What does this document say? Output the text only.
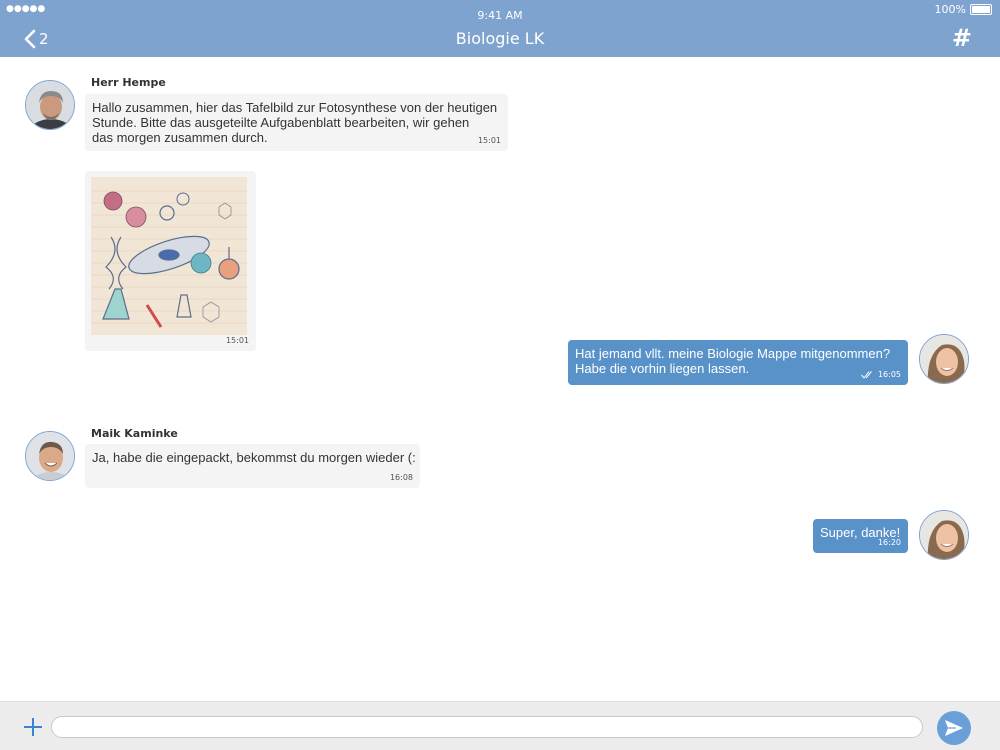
●●●●●	9:41 AM	100%
2	Biologie LK	#
Herr Hempe
Hallo zusammen, hier das Tafelbild zur Fotosynthese von der heutigen
Stunde. Bitte das ausgeteilte Aufgabenblatt bearbeiten, wir gehen
das morgen zusammen durch.	15:01
15:01
Hat jemand vllt. meine Biologie Mappe mitgenommen?
Habe die vorhin liegen lassen.	16:05
Maik Kaminke
Ja, habe die eingepackt, bekommst du morgen wieder (:
16:08
Super, danke!
16:20
